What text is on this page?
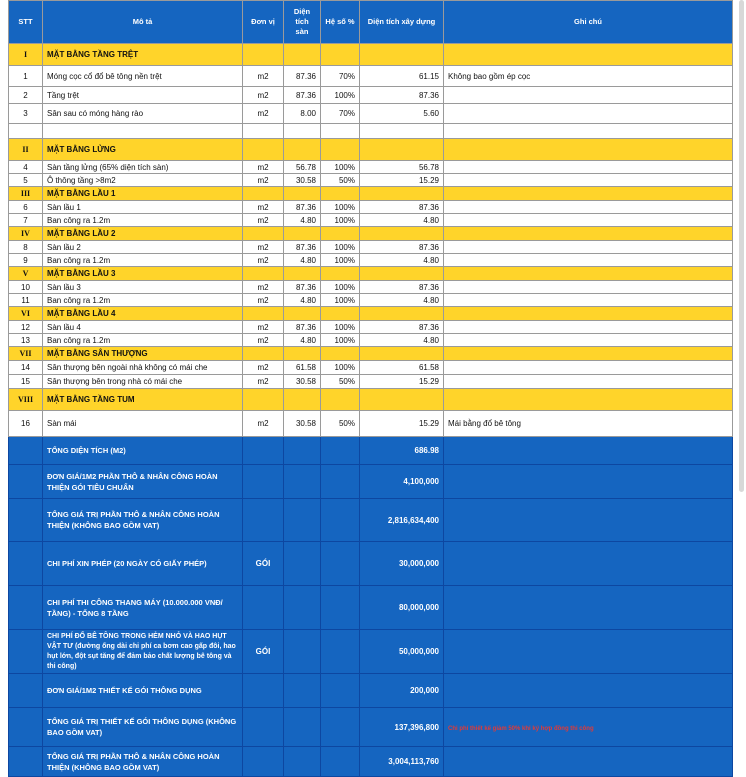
STT	Mô tả	Đơn vị	Diện tích sàn	Hệ số %	Diện tích xây dựng	Ghi chú
I	MẶT BẰNG TẦNG TRỆT					
1	Móng cọc cổ đổ bê tông nền trệt	m2	87.36	70%	61.15	Không bao gồm ép cọc
2	Tầng trệt	m2	87.36	100%	87.36	
3	Sân sau có móng hàng rào	m2	8.00	70%	5.60	

II	MẶT BẰNG LỬNG					
4	Sàn tầng lửng (65% diện tích sàn)	m2	56.78	100%	56.78	
5	Ô thông tầng >8m2	m2	30.58	50%	15.29	
III	MẶT BẰNG LẦU 1					
6	Sàn lầu 1	m2	87.36	100%	87.36	
7	Ban công ra 1.2m	m2	4.80	100%	4.80	
IV	MẶT BẰNG LẦU 2					
8	Sàn lầu 2	m2	87.36	100%	87.36	
9	Ban công ra 1.2m	m2	4.80	100%	4.80	
V	MẶT BẰNG LẦU 3					
10	Sàn lầu 3	m2	87.36	100%	87.36	
11	Ban công ra 1.2m	m2	4.80	100%	4.80	
VI	MẶT BẰNG LẦU 4					
12	Sàn lầu 4	m2	87.36	100%	87.36	
13	Ban công ra 1.2m	m2	4.80	100%	4.80	
VII	MẶT BẰNG SÂN THƯỢNG					
14	Sân thượng bên ngoài nhà không có mái che	m2	61.58	100%	61.58	
15	Sân thượng bên trong nhà có mái che	m2	30.58	50%	15.29	
VIII	MẶT BẰNG TẦNG TUM					
16	Sàn mái	m2	30.58	50%	15.29	Mái bằng đổ bê tông
	TỔNG DIỆN TÍCH (M2)				686.98	
	ĐƠN GIÁ/1M2 PHẦN THÔ & NHÂN CÔNG HOÀN THIỆN GÓI TIÊU CHUẨN				4,100,000	
	TỔNG GIÁ TRỊ PHẦN THÔ & NHÂN CÔNG HOÀN THIỆN (KHÔNG BAO GỒM VAT)				2,816,634,400	
	CHI PHÍ XIN PHÉP (20 NGÀY CÓ GIẤY PHÉP)	GÓI			30,000,000	
	CHI PHÍ THI CÔNG THANG MÁY (10.000.000 VNĐ/ TẦNG) - TỔNG 8 TẦNG				80,000,000	
	CHI PHÍ ĐỔ BÊ TÔNG TRONG HẺM NHỎ VÀ HAO HỤT VẬT TƯ (đường ống dài chi phí ca bơm cao gấp đôi, hao hụt lớn, đột sụt tăng để đảm bảo chất lượng bê tông và thi công)	GÓI			50,000,000	
	ĐƠN GIÁ/1M2 THIẾT KẾ GÓI THÔNG DỤNG				200,000	
	TỔNG GIÁ TRỊ THIẾT KẾ GÓI THÔNG DỤNG (KHÔNG BAO GỒM VAT)				137,396,800	Chi phí thiết kế giảm 50% khi ký hợp đồng thi công
	TỔNG GIÁ TRỊ PHẦN THÔ & NHÂN CÔNG HOÀN THIỆN (KHÔNG BAO GỒM VAT)				3,004,113,760	
